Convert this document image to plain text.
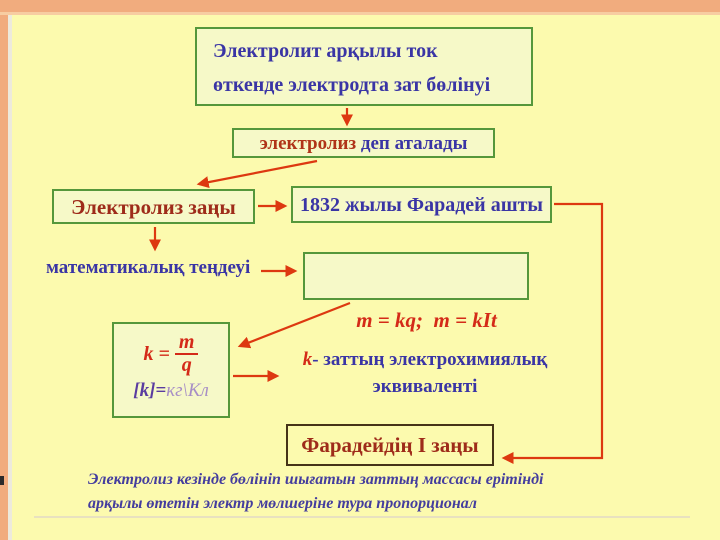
Электролит арқылы ток
өткенде электродта зат бөлінуі
электролиз деп аталады
Электролиз заңы	1832 жылы Фарадей ашты
математикалық теңдеуі

m = kq;  m = kIt

$k = \frac{m}{q}$
[k]=кг\Кл
k- заттың электрохимиялық
эквиваленті
Фарадейдің I заңы
Электролиз кезінде бөлініп шығатын заттың массасы ерітінді
арқылы өтетін электр мөлшеріне тура пропорционал
